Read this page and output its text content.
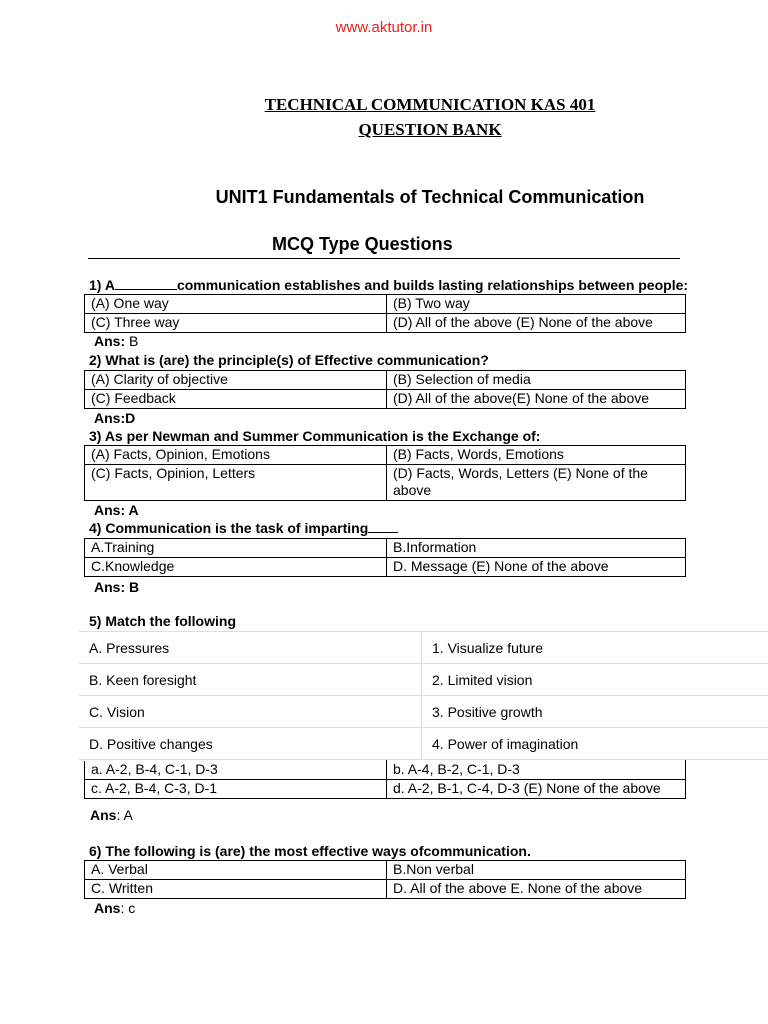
www.aktutor.in
TECHNICAL COMMUNICATION KAS 401
QUESTION BANK
UNIT1 Fundamentals of Technical Communication
MCQ Type Questions
1) A	communication establishes and builds lasting relationships between people:
(A) One way	(B) Two way
(C) Three way	(D) All of the above (E) None of the above
Ans: B
2) What is (are) the principle(s) of Effective communication?
(A) Clarity of objective	(B) Selection of media
(C) Feedback	(D) All of the above(E) None of the above
Ans:D
3) As per Newman and Summer Communication is the Exchange of:
(A) Facts, Opinion, Emotions	(B) Facts, Words, Emotions
(C) Facts, Opinion, Letters	(D) Facts, Words, Letters (E) None of the above
Ans: A
4) Communication is the task of imparting
A.Training	B.Information
C.Knowledge	D. Message (E) None of the above
Ans: B
5) Match the following
A. Pressures	1. Visualize future
B. Keen foresight	2. Limited vision
C. Vision	3. Positive growth
D. Positive changes	4. Power of imagination
a. A-2, B-4, C-1, D-3	b. A-4, B-2, C-1, D-3
c. A-2, B-4, C-3, D-1	d. A-2, B-1, C-4, D-3 (E) None of the above
Ans: A
6) The following is (are) the most effective ways ofcommunication.
A. Verbal	B.Non verbal
C. Written	D. All of the above E. None of the above
Ans: c
